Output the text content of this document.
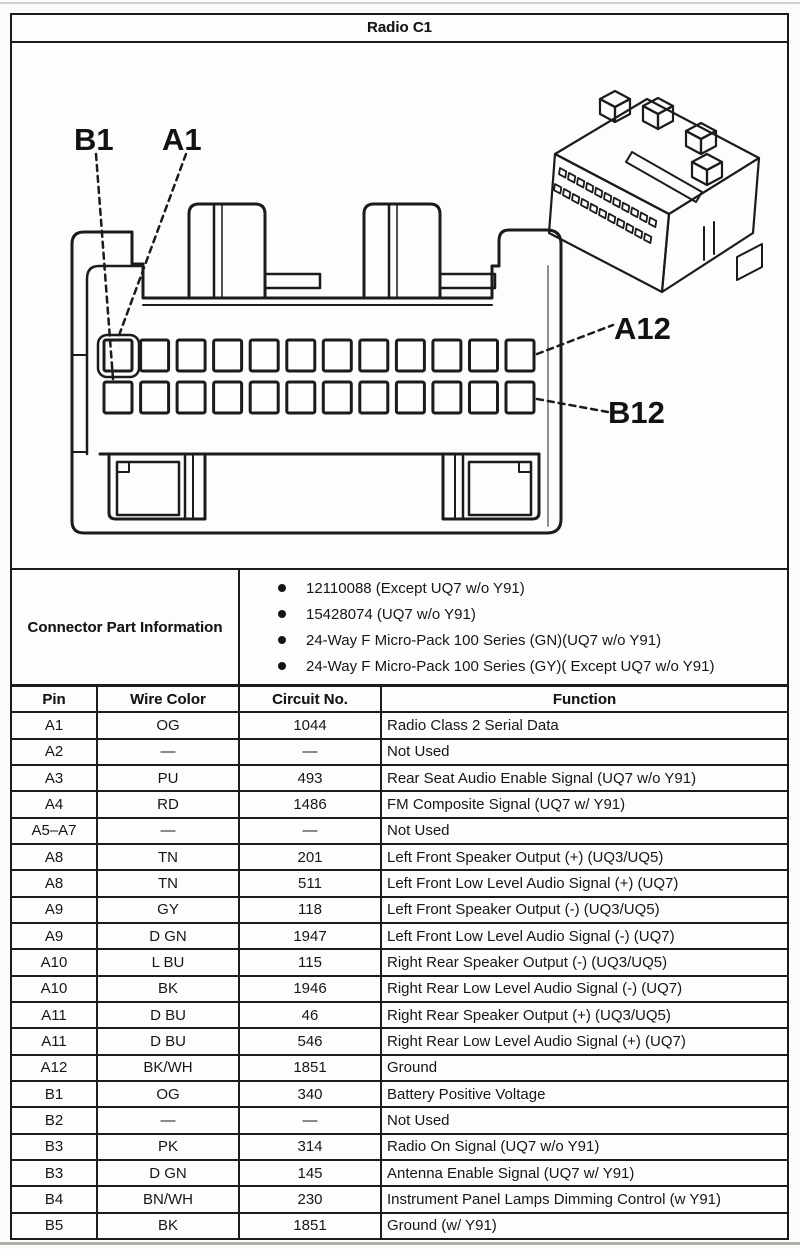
Radio C1
B1 A1
A12
B12
Connector Part Information
12110088 (Except UQ7 w/o Y91)
15428074 (UQ7 w/o Y91)
24-Way F Micro-Pack 100 Series (GN)(UQ7 w/o Y91)
24-Way F Micro-Pack 100 Series (GY)( Except UQ7 w/o Y91)
Pin	Wire Color	Circuit No.	Function
A1	OG	1044	Radio Class 2 Serial Data
A2	—	—	Not Used
A3	PU	493	Rear Seat Audio Enable Signal (UQ7 w/o Y91)
A4	RD	1486	FM Composite Signal (UQ7 w/ Y91)
A5–A7	—	—	Not Used
A8	TN	201	Left Front Speaker Output (+) (UQ3/UQ5)
A8	TN	511	Left Front Low Level Audio Signal (+) (UQ7)
A9	GY	118	Left Front Speaker Output (-) (UQ3/UQ5)
A9	D GN	1947	Left Front Low Level Audio Signal (-) (UQ7)
A10	L BU	115	Right Rear Speaker Output (-) (UQ3/UQ5)
A10	BK	1946	Right Rear Low Level Audio Signal (-) (UQ7)
A11	D BU	46	Right Rear Speaker Output (+) (UQ3/UQ5)
A11	D BU	546	Right Rear Low Level Audio Signal (+) (UQ7)
A12	BK/WH	1851	Ground
B1	OG	340	Battery Positive Voltage
B2	—	—	Not Used
B3	PK	314	Radio On Signal (UQ7 w/o Y91)
B3	D GN	145	Antenna Enable Signal (UQ7 w/ Y91)
B4	BN/WH	230	Instrument Panel Lamps Dimming Control (w Y91)
B5	BK	1851	Ground (w/ Y91)
